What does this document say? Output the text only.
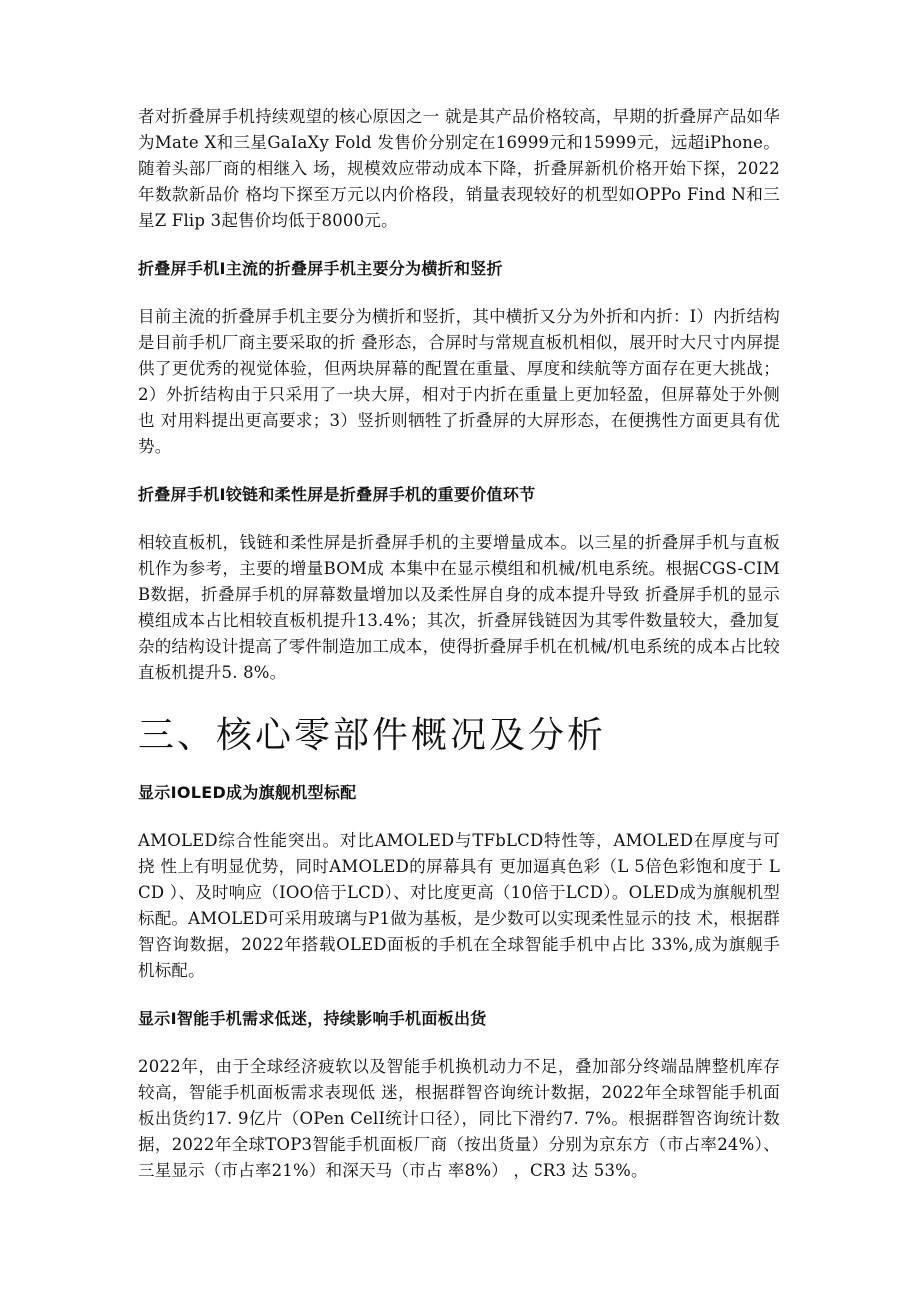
者对折叠屏手机持续观望的核心原因之一 就是其产品价格较高，早期的折叠屏产品如华为Mate X和三星GaIaXy Fold 发售价分别定在16999元和15999元，远超iPhone。随着头部厂商的相继入 场，规模效应带动成本下降，折叠屏新机价格开始下探，2022年数款新品价 格均下探至万元以内价格段，销量表现较好的机型如OPPo Find N和三星Z Flip 3起售价均低于8000元。

折叠屏手机I主流的折叠屏手机主要分为横折和竖折

目前主流的折叠屏手机主要分为横折和竖折，其中横折又分为外折和内折：I）内折结构是目前手机厂商主要采取的折 叠形态，合屏时与常规直板机相似，展开时大尺寸内屏提供了更优秀的视觉体验，但两块屏幕的配置在重量、厚度和续航等方面存在更大挑战；2）外折结构由于只采用了一块大屏，相对于内折在重量上更加轻盈，但屏幕处于外侧也 对用料提出更高要求；3）竖折则牺牲了折叠屏的大屏形态，在便携性方面更具有优势。

折叠屏手机I铰链和柔性屏是折叠屏手机的重要价值环节

相较直板机，钱链和柔性屏是折叠屏手机的主要增量成本。以三星的折叠屏手机与直板机作为参考，主要的增量BOM成 本集中在显示模组和机械/机电系统。根据CGS-CIMB数据，折叠屏手机的屏幕数量增加以及柔性屏自身的成本提升导致 折叠屏手机的显示模组成本占比相较直板机提升13.4%；其次，折叠屏钱链因为其零件数量较大，叠加复杂的结构设计提高了零件制造加工成本，使得折叠屏手机在机械/机电系统的成本占比较直板机提升5. 8%。

三、核心零部件概况及分析

显示IOLED成为旗舰机型标配

AMOLED综合性能突出。对比AMOLED与TFbLCD特性等，AMOLED在厚度与可挠 性上有明显优势，同时AMOLED的屏幕具有 更加逼真色彩（L 5倍色彩饱和度于 LCD ）、及时响应（IOO倍于LCD）、对比度更高（10倍于LCD）。OLED成为旗舰机型标配。AMOLED可采用玻璃与P1做为基板，是少数可以实现柔性显示的技 术，根据群智咨询数据，2022年搭载OLED面板的手机在全球智能手机中占比 33%,成为旗舰手机标配。

显示I智能手机需求低迷，持续影响手机面板出货

2022年，由于全球经济疲软以及智能手机换机动力不足，叠加部分终端品牌整机库存较高，智能手机面板需求表现低 迷，根据群智咨询统计数据，2022年全球智能手机面板出货约17. 9亿片（OPen CelI统计口径），同比下滑约7. 7%。根据群智咨询统计数据，2022年全球TOP3智能手机面板厂商（按出货量）分别为京东方（市占率24%）、三星显示（市占率21%）和深天马（市占 率8%） ，CR3 达 53%。
